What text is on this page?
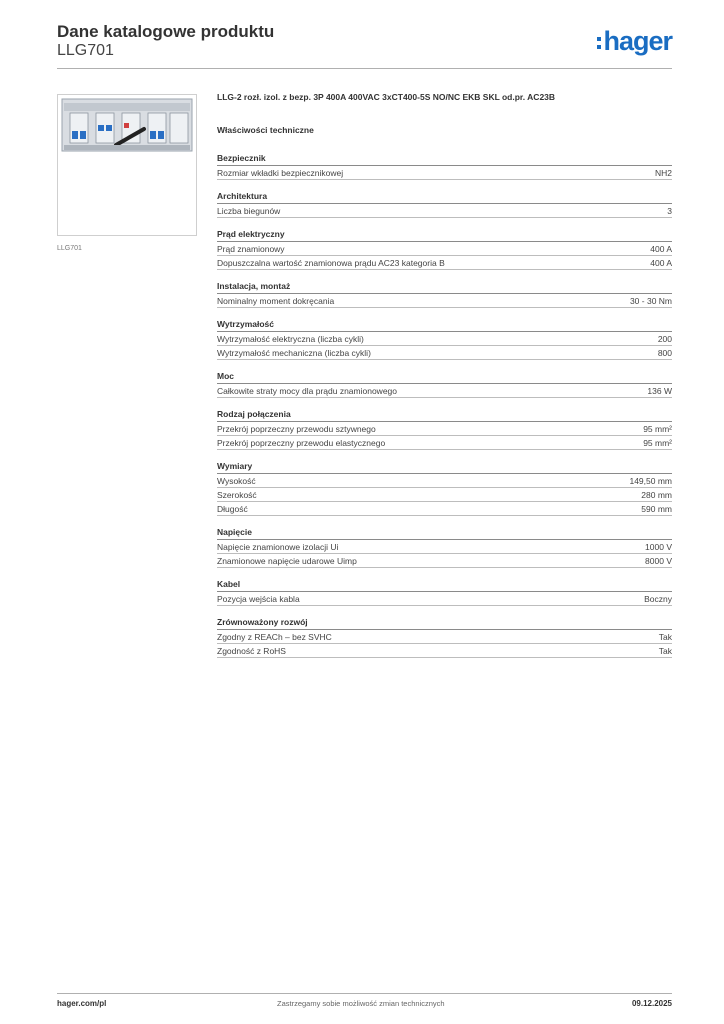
Dane katalogowe produktu
LLG701	hager
LLG701
LLG-2 rozł. izol. z bezp. 3P 400A 400VAC 3xCT400-5S NO/NC EKB SKL od.pr. AC23B
Właściwości techniczne
Bezpiecznik
Rozmiar wkładki bezpiecznikowej	NH2
Architektura
Liczba biegunów	3
Prąd elektryczny
Prąd znamionowy	400 A
Dopuszczalna wartość znamionowa prądu AC23 kategoria B	400 A
Instalacja, montaż
Nominalny moment dokręcania	30 - 30 Nm
Wytrzymałość
Wytrzymałość elektryczna (liczba cykli)	200
Wytrzymałość mechaniczna (liczba cykli)	800
Moc
Całkowite straty mocy dla prądu znamionowego	136 W
Rodzaj połączenia
Przekrój poprzeczny przewodu sztywnego	95 mm²
Przekrój poprzeczny przewodu elastycznego	95 mm²
Wymiary
Wysokość	149,50 mm
Szerokość	280 mm
Długość	590 mm
Napięcie
Napięcie znamionowe izolacji Ui	1000 V
Znamionowe napięcie udarowe Uimp	8000 V
Kabel
Pozycja wejścia kabla	Boczny
Zrównoważony rozwój
Zgodny z REACh – bez SVHC	Tak
Zgodność z RoHS	Tak
hager.com/pl	Zastrzegamy sobie możliwość zmian technicznych	09.12.2025
